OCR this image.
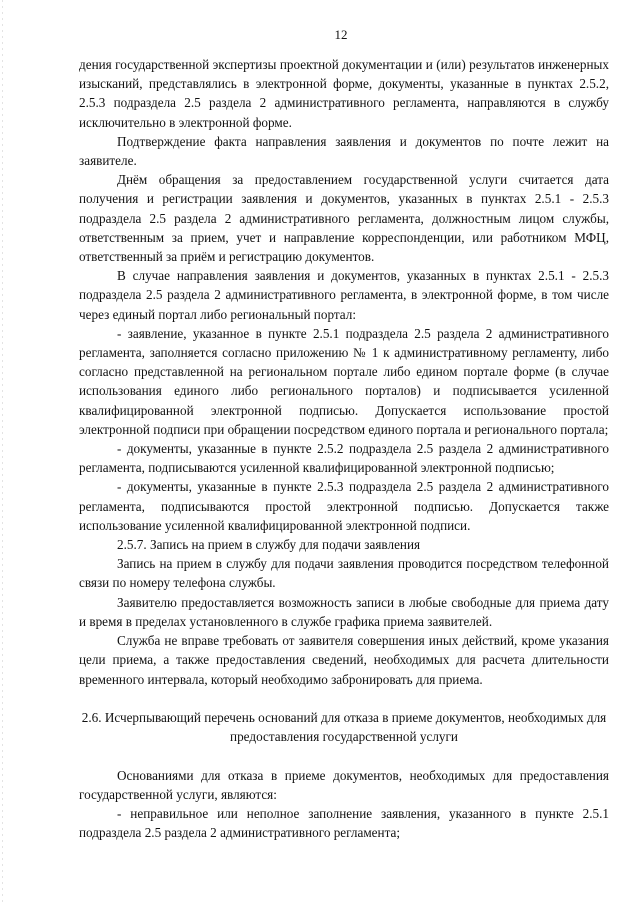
12

дения государственной экспертизы проектной документации и (или) результатов инженерных изысканий, представлялись в электронной форме, документы, указанные в пунктах 2.5.2, 2.5.3 подраздела 2.5 раздела 2 административного регламента, направляются в службу исключительно в электронной форме.

Подтверждение факта направления заявления и документов по почте лежит на заявителе.

Днём обращения за предоставлением государственной услуги считается дата получения и регистрации заявления и документов, указанных в пунктах 2.5.1 - 2.5.3 подраздела 2.5 раздела 2 административного регламента, должностным лицом службы, ответственным за прием, учет и направление корреспонденции, или работником МФЦ, ответственный за приём и регистрацию документов.

В случае направления заявления и документов, указанных в пунктах 2.5.1 - 2.5.3 подраздела 2.5 раздела 2 административного регламента, в электронной форме, в том числе через единый портал либо региональный портал:

- заявление, указанное в пункте 2.5.1 подраздела 2.5 раздела 2 административного регламента, заполняется согласно приложению № 1 к административному регламенту, либо согласно представленной на региональном портале либо едином портале форме (в случае использования единого либо регионального порталов) и подписывается усиленной квалифицированной электронной подписью. Допускается использование простой электронной подписи при обращении посредством единого портала и регионального портала;

- документы, указанные в пункте 2.5.2 подраздела 2.5 раздела 2 административного регламента, подписываются усиленной квалифицированной электронной подписью;

- документы, указанные в пункте 2.5.3 подраздела 2.5 раздела 2 административного регламента, подписываются простой электронной подписью. Допускается также использование усиленной квалифицированной электронной подписи.

2.5.7. Запись на прием в службу для подачи заявления

Запись на прием в службу для подачи заявления проводится посредством телефонной связи по номеру телефона службы.

Заявителю предоставляется возможность записи в любые свободные для приема дату и время в пределах установленного в службе графика приема заявителей.

Служба не вправе требовать от заявителя совершения иных действий, кроме указания цели приема, а также предоставления сведений, необходимых для расчета длительности временного интервала, который необходимо забронировать для приема.

2.6. Исчерпывающий перечень оснований для отказа в приеме документов, необходимых для предоставления государственной услуги

Основаниями для отказа в приеме документов, необходимых для предоставления государственной услуги, являются:

- неправильное или неполное заполнение заявления, указанного в пункте 2.5.1 подраздела 2.5 раздела 2 административного регламента;
